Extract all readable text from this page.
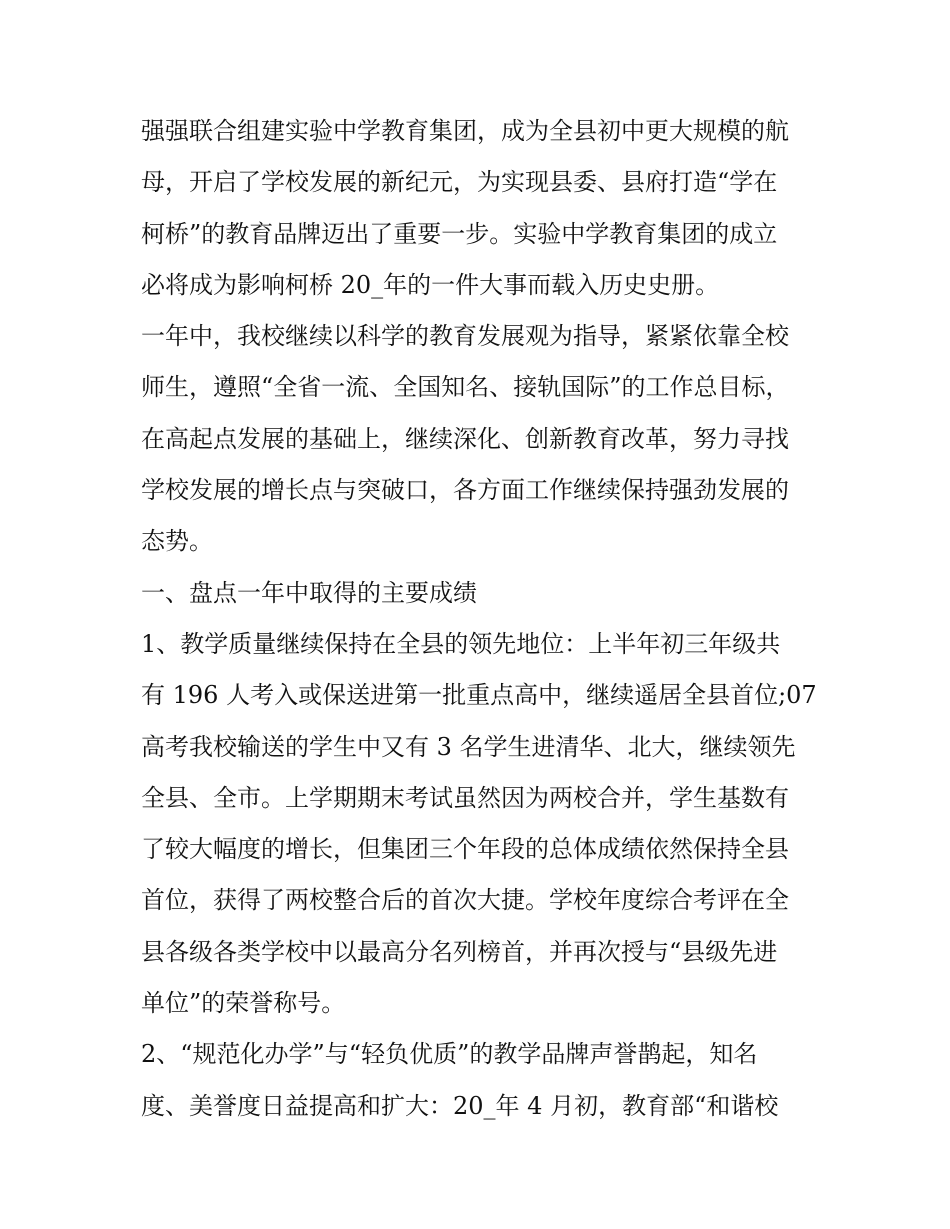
强强联合组建实验中学教育集团，成为全县初中更大规模的航
母，开启了学校发展的新纪元，为实现县委、县府打造“学在
柯桥”的教育品牌迈出了重要一步。实验中学教育集团的成立
必将成为影响柯桥 20_年的一件大事而载入历史史册。
一年中，我校继续以科学的教育发展观为指导，紧紧依靠全校
师生，遵照“全省一流、全国知名、接轨国际”的工作总目标，
在高起点发展的基础上，继续深化、创新教育改革，努力寻找
学校发展的增长点与突破口，各方面工作继续保持强劲发展的
态势。
一、盘点一年中取得的主要成绩
1、教学质量继续保持在全县的领先地位：上半年初三年级共
有 196 人考入或保送进第一批重点高中，继续遥居全县首位;07
高考我校输送的学生中又有 3 名学生进清华、北大，继续领先
全县、全市。上学期期末考试虽然因为两校合并，学生基数有
了较大幅度的增长，但集团三个年段的总体成绩依然保持全县
首位，获得了两校整合后的首次大捷。学校年度综合考评在全
县各级各类学校中以最高分名列榜首，并再次授与“县级先进
单位”的荣誉称号。
2、“规范化办学”与“轻负优质”的教学品牌声誉鹊起，知名
度、美誉度日益提高和扩大：20_年 4 月初，教育部“和谐校
